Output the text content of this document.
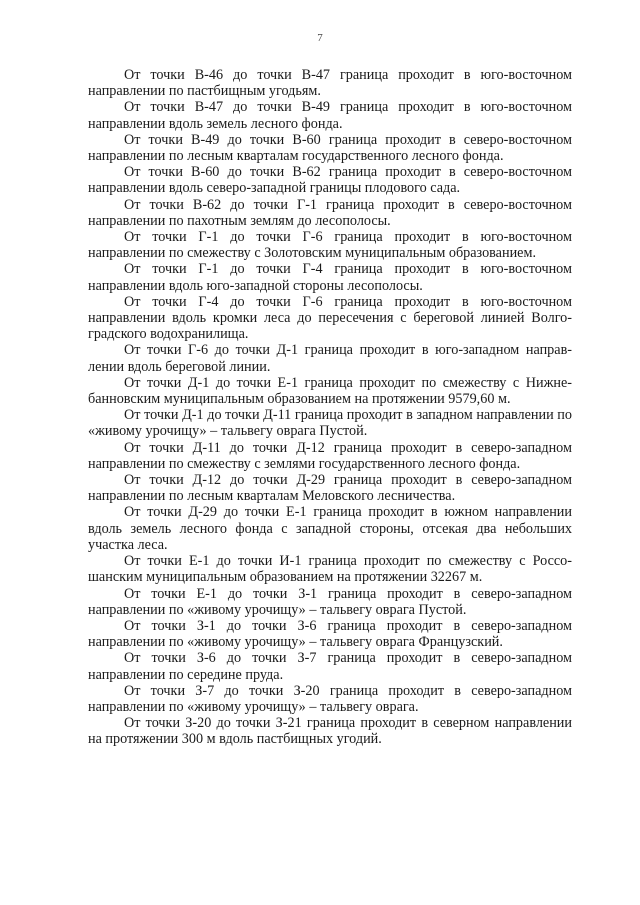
7

От точки В-46 до точки В-47 граница проходит в юго-восточном направлении по пастбищным угодьям.

От точки В-47 до точки В-49 граница проходит в юго-восточном направлении вдоль земель лесного фонда.

От точки В-49 до точки В-60 граница проходит в северо-восточном направлении по лесным кварталам государственного лесного фонда.

От точки В-60 до точки В-62 граница проходит в северо-восточном направлении вдоль северо-западной границы плодового сада.

От точки В-62 до точки Г-1 граница проходит в северо-восточном направлении по пахотным землям до лесополосы.

От точки Г-1 до точки Г-6 граница проходит в юго-восточном направлении по смежеству с Золотовским муниципальным образованием.

От точки Г-1 до точки Г-4 граница проходит в юго-восточном направлении вдоль юго-западной стороны лесополосы.

От точки Г-4 до точки Г-6 граница проходит в юго-восточном направлении вдоль кромки леса до пересечения с береговой линией Волгоградского водохранилища.

От точки Г-6 до точки Д-1 граница проходит в юго-западном направлении вдоль береговой линии.

От точки Д-1 до точки Е-1 граница проходит по смежеству с Нижнебанновским муниципальным образованием на протяжении 9579,60 м.

От точки Д-1 до точки Д-11 граница проходит в западном направлении по «живому урочищу» – тальвегу оврага Пустой.

От точки Д-11 до точки Д-12 граница проходит в северо-западном направлении по смежеству с землями государственного лесного фонда.

От точки Д-12 до точки Д-29 граница проходит в северо-западном направлении по лесным кварталам Меловского лесничества.

От точки Д-29 до точки Е-1 граница проходит в южном направлении вдоль земель лесного фонда с западной стороны, отсекая два небольших участка леса.

От точки Е-1 до точки И-1 граница проходит по смежеству с Россошанским муниципальным образованием на протяжении 32267 м.

От точки Е-1 до точки З-1 граница проходит в северо-западном направлении по «живому урочищу» – тальвегу оврага Пустой.

От точки З-1 до точки З-6 граница проходит в северо-западном направлении по «живому урочищу» – тальвегу оврага Французский.

От точки З-6 до точки З-7 граница проходит в северо-западном направлении по середине пруда.

От точки З-7 до точки З-20 граница проходит в северо-западном направлении по «живому урочищу» – тальвегу оврага.

От точки З-20 до точки З-21 граница проходит в северном направлении на протяжении 300 м вдоль пастбищных угодий.
